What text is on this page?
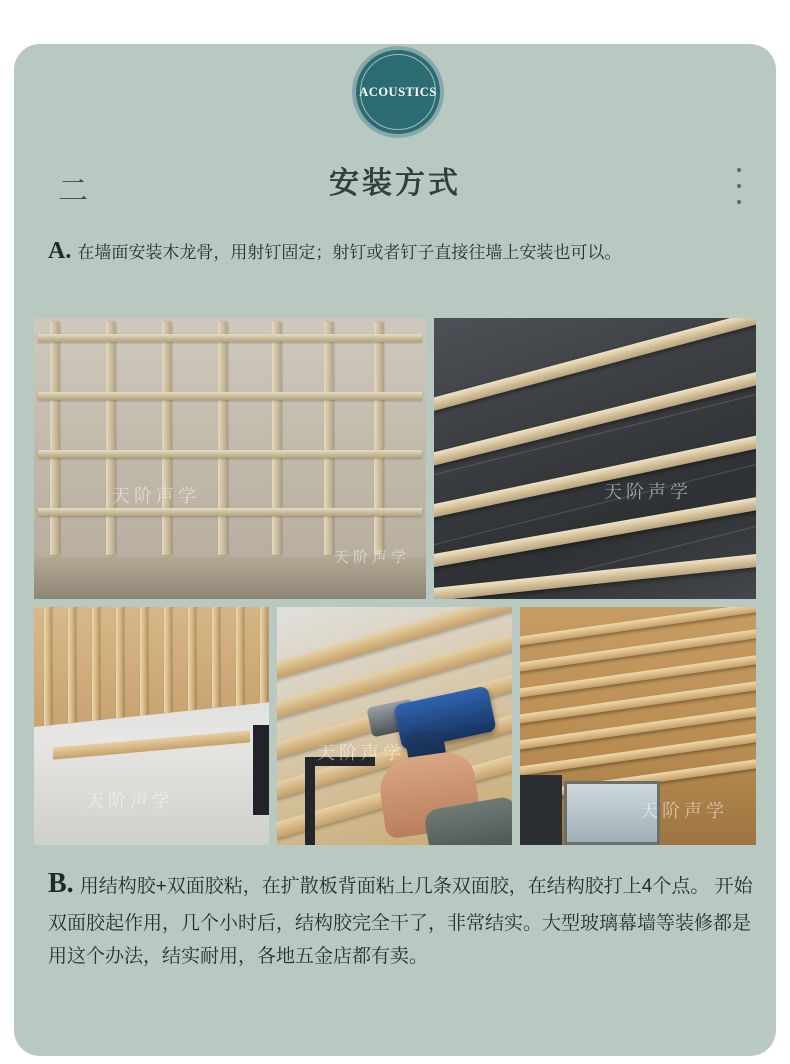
ACOUSTICS
二	安装方式
A. 在墙面安装木龙骨，用射钉固定；射钉或者钉子直接往墙上安装也可以。
天阶声学
天阶声学
天阶声学
天阶声学
天阶声学
天阶声学
B. 用结构胶+双面胶粘，在扩散板背面粘上几条双面胶，在结构胶打上4个点。 开始双面胶起作用，几个小时后，结构胶完全干了，非常结实。大型玻璃幕墙等装修都是用这个办法，结实耐用，各地五金店都有卖。
